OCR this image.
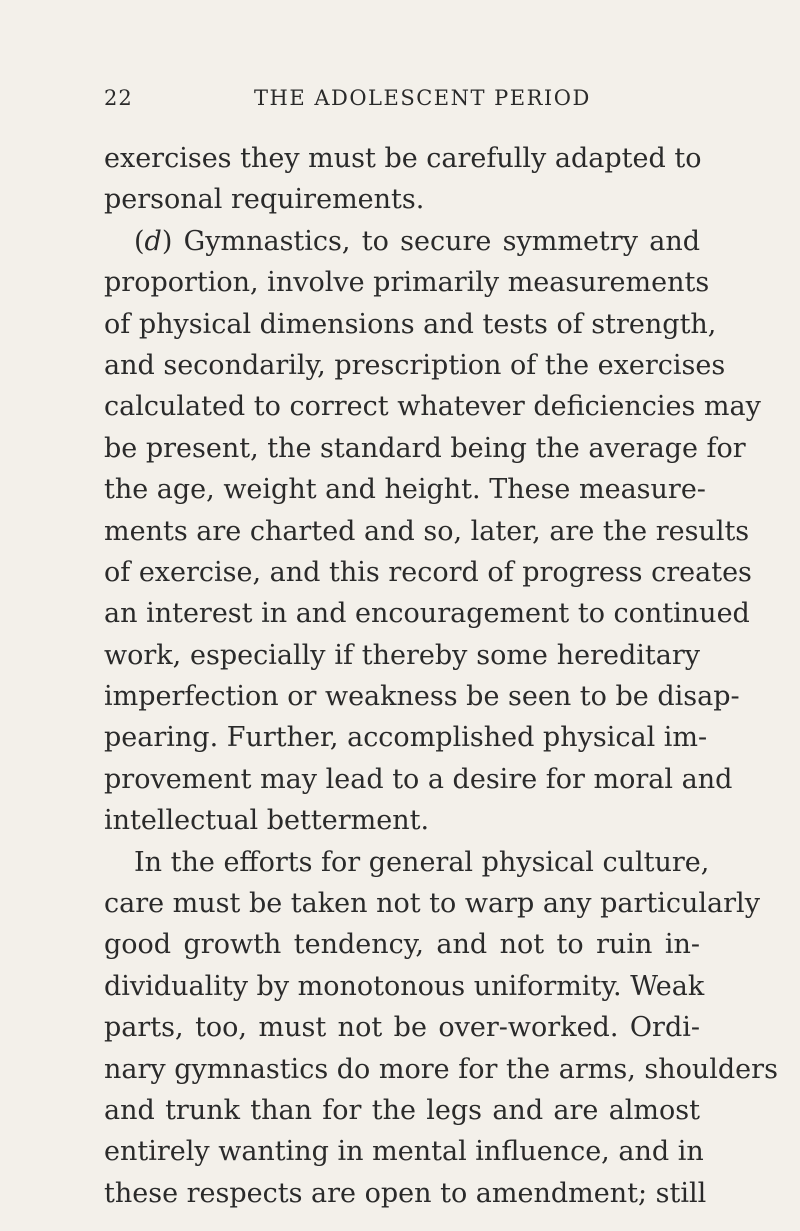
22	THE ADOLESCENT PERIOD
exercises they must be carefully adapted to
personal requirements.
(d) Gymnastics, to secure symmetry and
proportion, involve primarily measurements
of physical dimensions and tests of strength,
and secondarily, prescription of the exercises
calculated to correct whatever deficiencies may
be present, the standard being the average for
the age, weight and height. These measure-
ments are charted and so, later, are the results
of exercise, and this record of progress creates
an interest in and encouragement to continued
work, especially if thereby some hereditary
imperfection or weakness be seen to be disap-
pearing. Further, accomplished physical im-
provement may lead to a desire for moral and
intellectual betterment.
In the efforts for general physical culture,
care must be taken not to warp any particularly
good growth tendency, and not to ruin in-
dividuality by monotonous uniformity. Weak
parts, too, must not be over-worked. Ordi-
nary gymnastics do more for the arms, shoulders
and trunk than for the legs and are almost
entirely wanting in mental influence, and in
these respects are open to amendment; still
